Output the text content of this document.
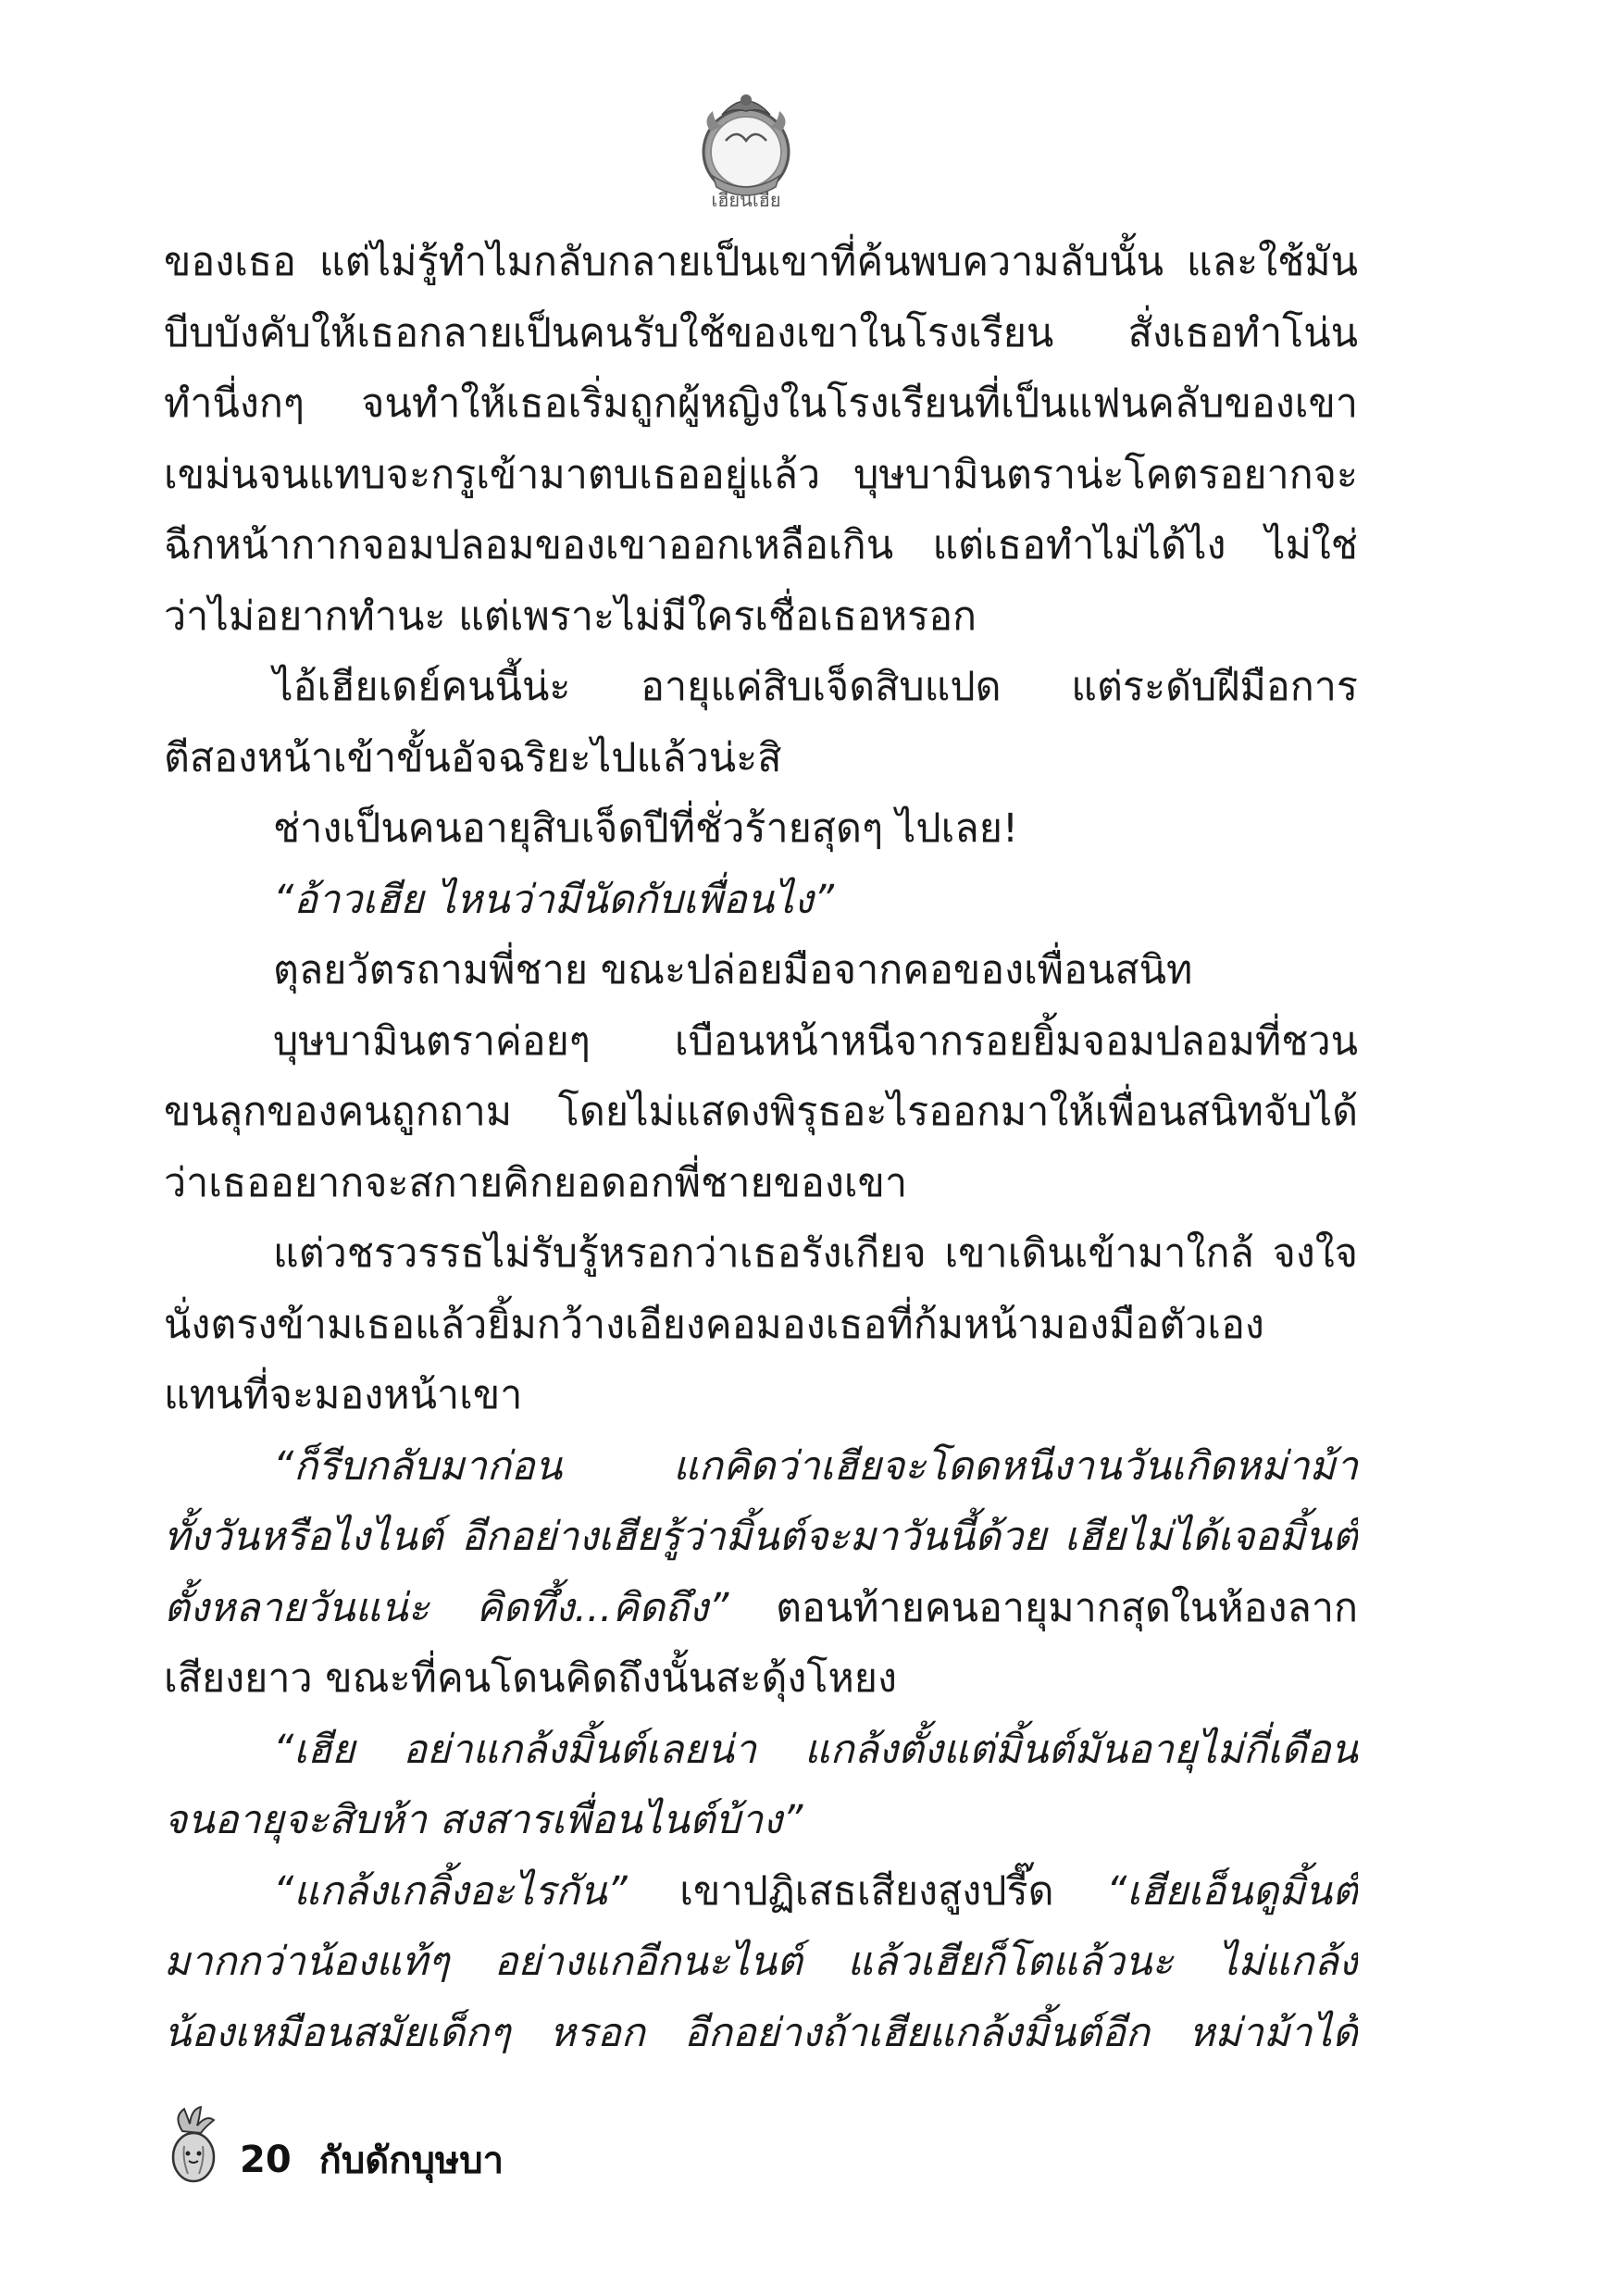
เฮียนเฮีย
ของเธอ แต่ไม่รู้ทำไมกลับกลายเป็นเขาที่ค้นพบความลับนั้น และใช้มัน
บีบบังคับให้เธอกลายเป็นคนรับใช้ของเขาในโรงเรียน สั่งเธอทำโน่น
ทำนี่งกๆ จนทำให้เธอเริ่มถูกผู้หญิงในโรงเรียนที่เป็นแฟนคลับของเขา
เขม่นจนแทบจะกรูเข้ามาตบเธออยู่แล้ว บุษบามินตราน่ะโคตรอยากจะ
ฉีกหน้ากากจอมปลอมของเขาออกเหลือเกิน แต่เธอทำไม่ได้ไง ไม่ใช่
ว่าไม่อยากทำนะ แต่เพราะไม่มีใครเชื่อเธอหรอก
ไอ้เฮียเดย์คนนี้น่ะ อายุแค่สิบเจ็ดสิบแปด แต่ระดับฝีมือการ
ตีสองหน้าเข้าขั้นอัจฉริยะไปแล้วน่ะสิ
ช่างเป็นคนอายุสิบเจ็ดปีที่ชั่วร้ายสุดๆ ไปเลย!
“อ้าวเฮีย ไหนว่ามีนัดกับเพื่อนไง”
ตุลยวัตรถามพี่ชาย ขณะปล่อยมือจากคอของเพื่อนสนิท
บุษบามินตราค่อยๆ เบือนหน้าหนีจากรอยยิ้มจอมปลอมที่ชวน
ขนลุกของคนถูกถาม โดยไม่แสดงพิรุธอะไรออกมาให้เพื่อนสนิทจับได้
ว่าเธออยากจะสกายคิกยอดอกพี่ชายของเขา
แต่วชรวรรธไม่รับรู้หรอกว่าเธอรังเกียจ เขาเดินเข้ามาใกล้ จงใจ
นั่งตรงข้ามเธอแล้วยิ้มกว้างเอียงคอมองเธอที่ก้มหน้ามองมือตัวเอง
แทนที่จะมองหน้าเขา
“ก็รีบกลับมาก่อน แกคิดว่าเฮียจะโดดหนีงานวันเกิดหม่าม้า
ทั้งวันหรือไงไนต์ อีกอย่างเฮียรู้ว่ามิ้นต์จะมาวันนี้ด้วย เฮียไม่ได้เจอมิ้นต์
ตั้งหลายวันแน่ะ คิดทึ้ง...คิดถึง” ตอนท้ายคนอายุมากสุดในห้องลาก
เสียงยาว ขณะที่คนโดนคิดถึงนั้นสะดุ้งโหยง
“เฮีย อย่าแกล้งมิ้นต์เลยน่า แกล้งตั้งแต่มิ้นต์มันอายุไม่กี่เดือน
จนอายุจะสิบห้า สงสารเพื่อนไนต์บ้าง”
“แกล้งเกลิ้งอะไรกัน” เขาปฏิเสธเสียงสูงปรี๊ด “เฮียเอ็นดูมิ้นต์
มากกว่าน้องแท้ๆ อย่างแกอีกนะไนต์ แล้วเฮียก็โตแล้วนะ ไม่แกล้ง
น้องเหมือนสมัยเด็กๆ หรอก อีกอย่างถ้าเฮียแกล้งมิ้นต์อีก หม่าม้าได้
20 กับดักบุษบา
